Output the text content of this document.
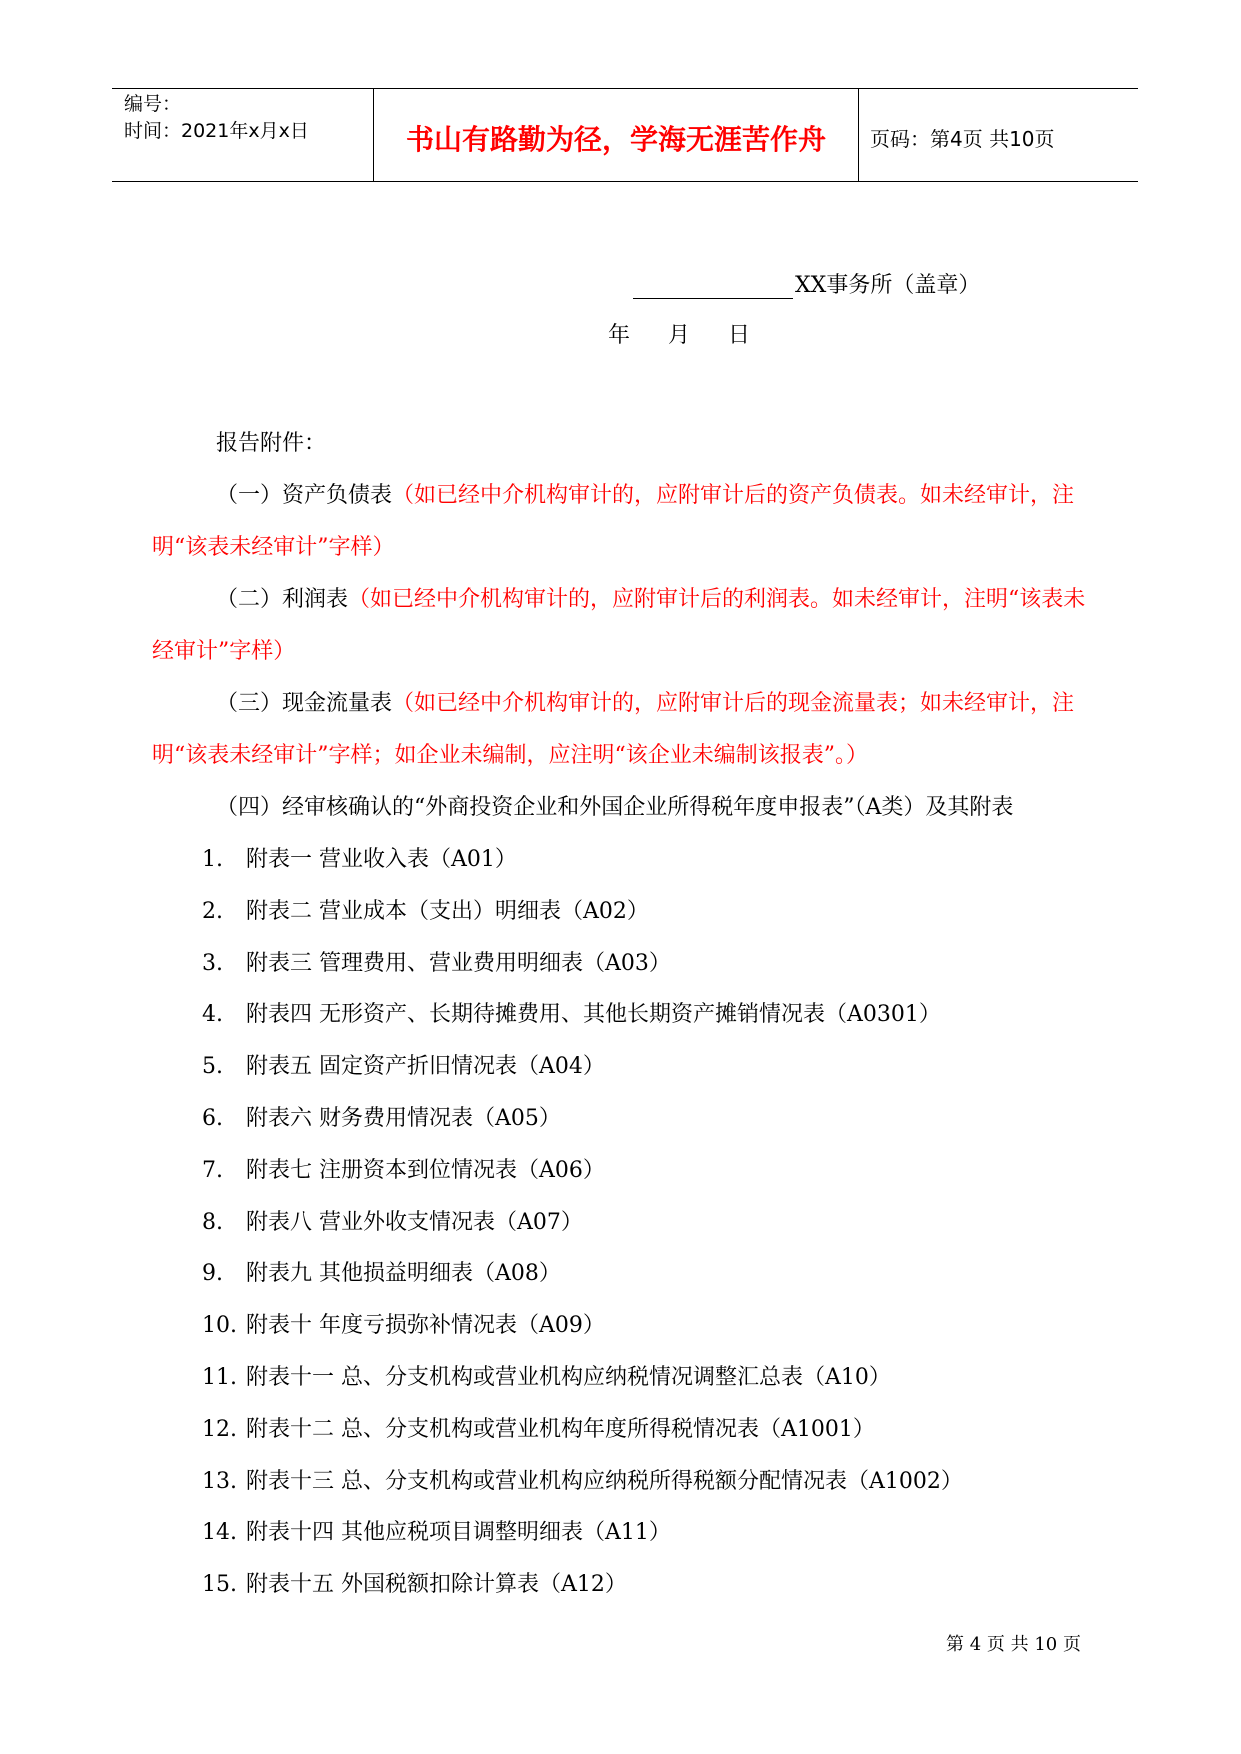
编号：
时间：2021年x月x日	书山有路勤为径，学海无涯苦作舟	页码：第4页 共10页
XX事务所（盖章）
年 月 日

报告附件：

（一）资产负债表（如已经中介机构审计的，应附审计后的资产负债表。如未经审计，注明“该表未经审计”字样）

（二）利润表（如已经中介机构审计的，应附审计后的利润表。如未经审计，注明“该表未经审计”字样）

（三）现金流量表（如已经中介机构审计的，应附审计后的现金流量表；如未经审计，注明“该表未经审计”字样；如企业未编制，应注明“该企业未编制该报表”。）

（四）经审核确认的“外商投资企业和外国企业所得税年度申报表”（A类）及其附表

1. 附表一 营业收入表（A01）

2. 附表二 营业成本（支出）明细表（A02）

3. 附表三 管理费用、营业费用明细表（A03）

4. 附表四 无形资产、长期待摊费用、其他长期资产摊销情况表（A0301）

5. 附表五 固定资产折旧情况表（A04）

6. 附表六 财务费用情况表（A05）

7. 附表七 注册资本到位情况表（A06）

8. 附表八 营业外收支情况表（A07）

9. 附表九 其他损益明细表（A08）

10. 附表十 年度亏损弥补情况表（A09）

11. 附表十一 总、分支机构或营业机构应纳税情况调整汇总表（A10）

12. 附表十二 总、分支机构或营业机构年度所得税情况表（A1001）

13. 附表十三 总、分支机构或营业机构应纳税所得税额分配情况表（A1002）

14. 附表十四 其他应税项目调整明细表（A11）

15. 附表十五 外国税额扣除计算表（A12）

第 4 页 共 10 页
